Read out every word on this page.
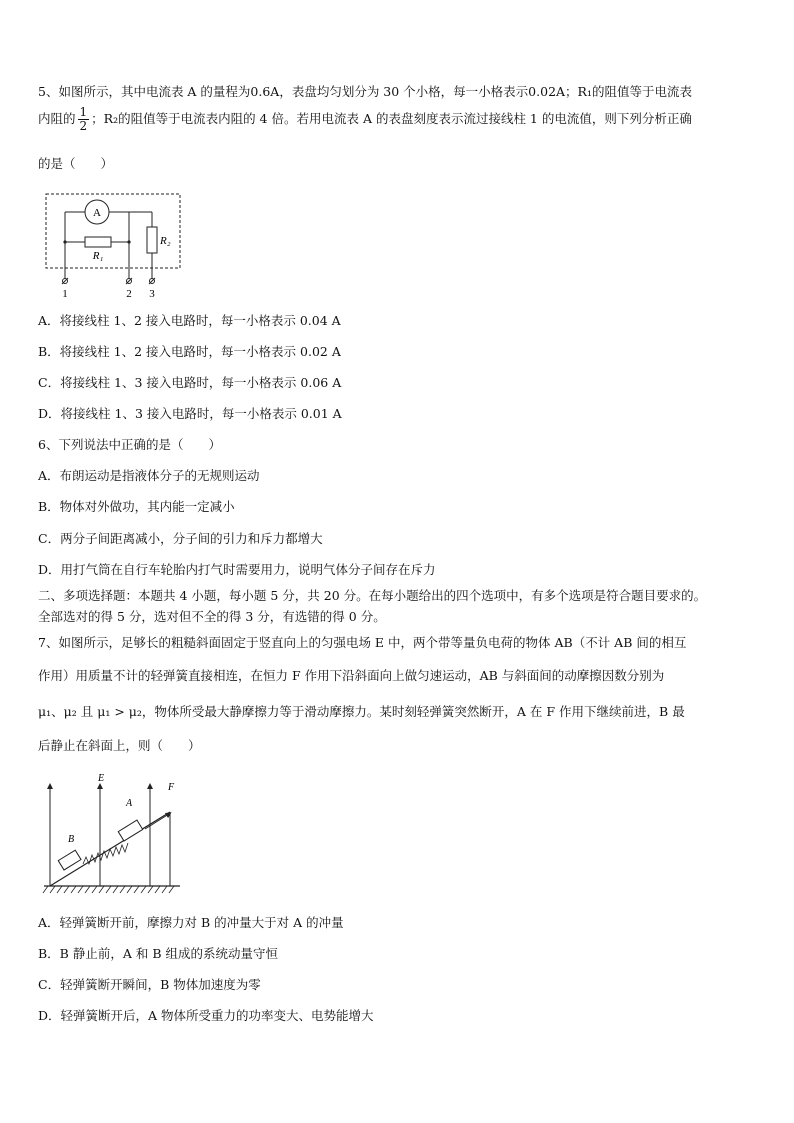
5、如图所示，其中电流表 A 的量程为0.6A，表盘均匀划分为 30 个小格，每一小格表示0.02A；R₁的阻值等于电流表
内阻的 $\frac{1}{2}$ ；R₂的阻值等于电流表内阻的 4 倍。若用电流表 A 的表盘刻度表示流过接线柱 1 的电流值，则下列分析正确
的是（　　）
A
R₁
R₂
1	2 3
A．将接线柱 1、2 接入电路时，每一小格表示 0.04 A
B．将接线柱 1、2 接入电路时，每一小格表示 0.02 A
C．将接线柱 1、3 接入电路时，每一小格表示 0.06 A
D．将接线柱 1、3 接入电路时，每一小格表示 0.01 A
6、下列说法中正确的是（　　）
A．布朗运动是指液体分子的无规则运动
B．物体对外做功，其内能一定减小
C．两分子间距离减小，分子间的引力和斥力都增大
D．用打气筒在自行车轮胎内打气时需要用力，说明气体分子间存在斥力
二、多项选择题：本题共 4 小题，每小题 5 分，共 20 分。在每小题给出的四个选项中，有多个选项是符合题目要求的。
全部选对的得 5 分，选对但不全的得 3 分，有选错的得 0 分。
7、如图所示，足够长的粗糙斜面固定于竖直向上的匀强电场 E 中，两个带等量负电荷的物体 AB（不计 AB 间的相互
作用）用质量不计的轻弹簧直接相连，在恒力 F 作用下沿斜面向上做匀速运动，AB 与斜面间的动摩擦因数分别为
μ₁、μ₂ 且 μ₁ > μ₂，物体所受最大静摩擦力等于滑动摩擦力。某时刻轻弹簧突然断开，A 在 F 作用下继续前进，B 最
后静止在斜面上，则（　　）
E
B
A
F
A．轻弹簧断开前，摩擦力对 B 的冲量大于对 A 的冲量
B．B 静止前，A 和 B 组成的系统动量守恒
C．轻弹簧断开瞬间，B 物体加速度为零
D．轻弹簧断开后，A 物体所受重力的功率变大、电势能增大
